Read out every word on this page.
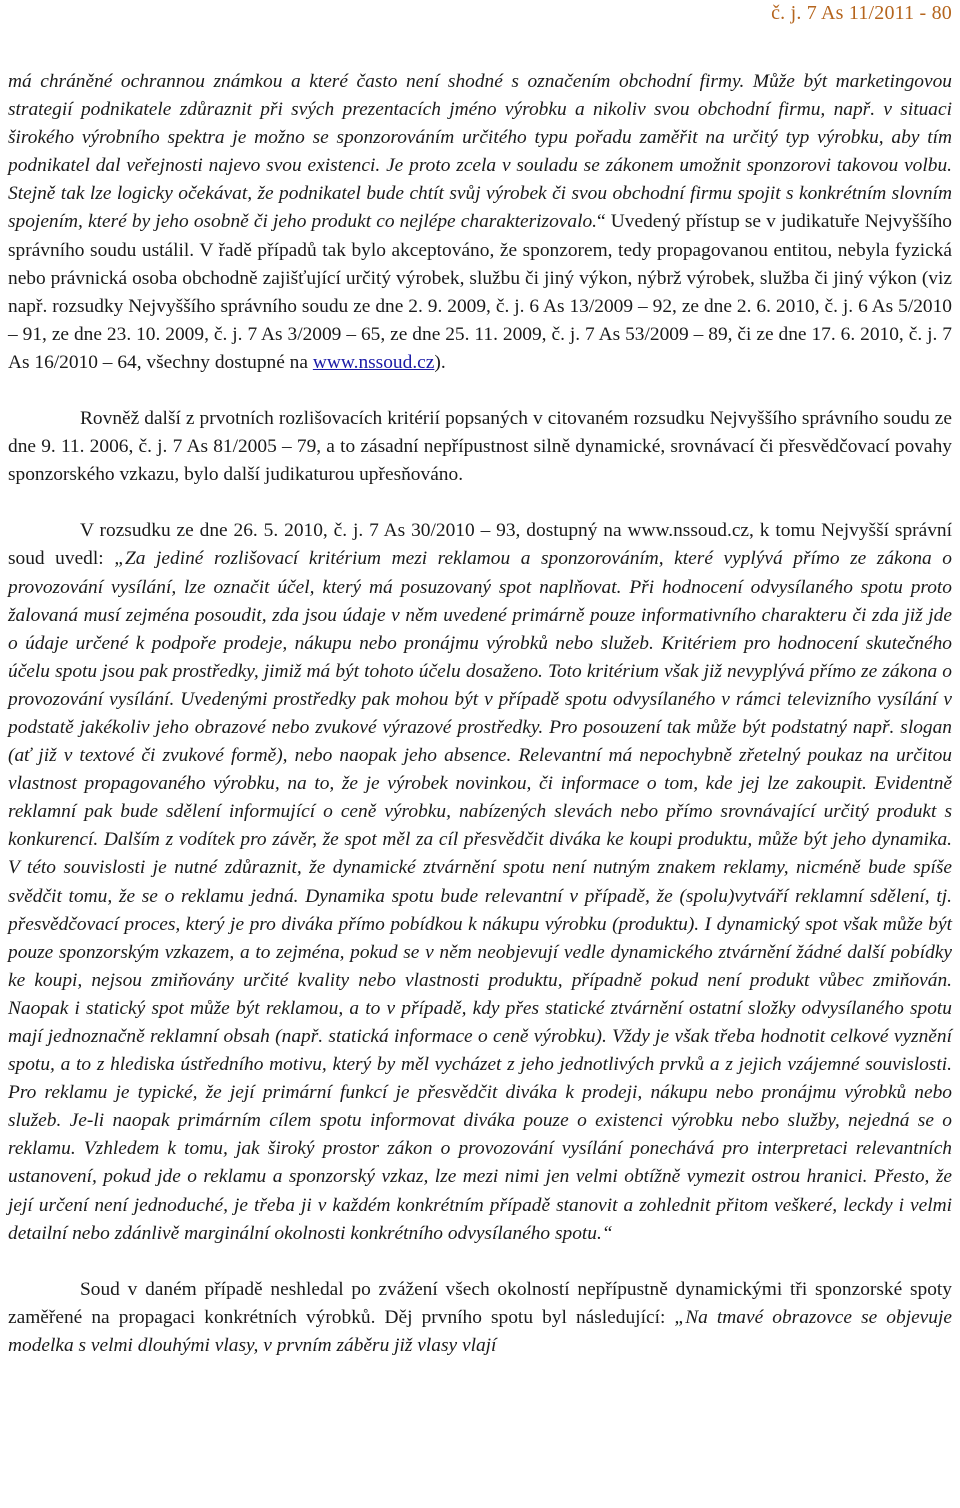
č. j. 7 As 11/2011 - 80

má chráněné ochrannou známkou a které často není shodné s označením obchodní firmy. Může být marketingovou strategií podnikatele zdůraznit při svých prezentacích jméno výrobku a nikoliv svou obchodní firmu, např. v situaci širokého výrobního spektra je možno se sponzorováním určitého typu pořadu zaměřit na určitý typ výrobku, aby tím podnikatel dal veřejnosti najevo svou existenci. Je proto zcela v souladu se zákonem umožnit sponzorovi takovou volbu. Stejně tak lze logicky očekávat, že podnikatel bude chtít svůj výrobek či svou obchodní firmu spojit s konkrétním slovním spojením, které by jeho osobně či jeho produkt co nejlépe charakterizovalo.“ Uvedený přístup se v judikatuře Nejvyššího správního soudu ustálil. V řadě případů tak bylo akceptováno, že sponzorem, tedy propagovanou entitou, nebyla fyzická nebo právnická osoba obchodně zajišťující určitý výrobek, službu či jiný výkon, nýbrž výrobek, služba či jiný výkon (viz např. rozsudky Nejvyššího správního soudu ze dne 2. 9. 2009, č. j. 6 As 13/2009 – 92, ze dne 2. 6. 2010, č. j. 6 As 5/2010 – 91, ze dne 23. 10. 2009, č. j. 7 As 3/2009 – 65, ze dne 25. 11. 2009, č. j. 7 As 53/2009 – 89, či ze dne 17. 6. 2010, č. j. 7 As 16/2010 – 64, všechny dostupné na www.nssoud.cz).

Rovněž další z prvotních rozlišovacích kritérií popsaných v citovaném rozsudku Nejvyššího správního soudu ze dne 9. 11. 2006, č. j. 7 As 81/2005 – 79, a to zásadní nepřípustnost silně dynamické, srovnávací či přesvědčovací povahy sponzorského vzkazu, bylo další judikaturou upřesňováno.

V rozsudku ze dne 26. 5. 2010, č. j. 7 As 30/2010 – 93, dostupný na www.nssoud.cz, k tomu Nejvyšší správní soud uvedl: „Za jediné rozlišovací kritérium mezi reklamou a sponzorováním, které vyplývá přímo ze zákona o provozování vysílání, lze označit účel, který má posuzovaný spot naplňovat. Při hodnocení odvysílaného spotu proto žalovaná musí zejména posoudit, zda jsou údaje v něm uvedené primárně pouze informativního charakteru či zda již jde o údaje určené k podpoře prodeje, nákupu nebo pronájmu výrobků nebo služeb. Kritériem pro hodnocení skutečného účelu spotu jsou pak prostředky, jimiž má být tohoto účelu dosaženo. Toto kritérium však již nevyplývá přímo ze zákona o provozování vysílání. Uvedenými prostředky pak mohou být v případě spotu odvysílaného v rámci televizního vysílání v podstatě jakékoliv jeho obrazové nebo zvukové výrazové prostředky. Pro posouzení tak může být podstatný např. slogan (ať již v textové či zvukové formě), nebo naopak jeho absence. Relevantní má nepochybně zřetelný poukaz na určitou vlastnost propagovaného výrobku, na to, že je výrobek novinkou, či informace o tom, kde jej lze zakoupit. Evidentně reklamní pak bude sdělení informující o ceně výrobku, nabízených slevách nebo přímo srovnávající určitý produkt s konkurencí. Dalším z vodítek pro závěr, že spot měl za cíl přesvědčit diváka ke koupi produktu, může být jeho dynamika. V této souvislosti je nutné zdůraznit, že dynamické ztvárnění spotu není nutným znakem reklamy, nicméně bude spíše svědčit tomu, že se o reklamu jedná. Dynamika spotu bude relevantní v případě, že (spolu)vytváří reklamní sdělení, tj. přesvědčovací proces, který je pro diváka přímo pobídkou k nákupu výrobku (produktu). I dynamický spot však může být pouze sponzorským vzkazem, a to zejména, pokud se v něm neobjevují vedle dynamického ztvárnění žádné další pobídky ke koupi, nejsou zmiňovány určité kvality nebo vlastnosti produktu, případně pokud není produkt vůbec zmiňován. Naopak i statický spot může být reklamou, a to v případě, kdy přes statické ztvárnění ostatní složky odvysílaného spotu mají jednoznačně reklamní obsah (např. statická informace o ceně výrobku). Vždy je však třeba hodnotit celkové vyznění spotu, a to z hlediska ústředního motivu, který by měl vycházet z jeho jednotlivých prvků a z jejich vzájemné souvislosti. Pro reklamu je typické, že její primární funkcí je přesvědčit diváka k prodeji, nákupu nebo pronájmu výrobků nebo služeb. Je-li naopak primárním cílem spotu informovat diváka pouze o existenci výrobku nebo služby, nejedná se o reklamu. Vzhledem k tomu, jak široký prostor zákon o provozování vysílání ponechává pro interpretaci relevantních ustanovení, pokud jde o reklamu a sponzorský vzkaz, lze mezi nimi jen velmi obtížně vymezit ostrou hranici. Přesto, že její určení není jednoduché, je třeba ji v každém konkrétním případě stanovit a zohlednit přitom veškeré, leckdy i velmi detailní nebo zdánlivě marginální okolnosti konkrétního odvysílaného spotu.“

Soud v daném případě neshledal po zvážení všech okolností nepřípustně dynamickými tři sponzorské spoty zaměřené na propagaci konkrétních výrobků. Děj prvního spotu byl následující: „Na tmavé obrazovce se objevuje modelka s velmi dlouhými vlasy, v prvním záběru již vlasy vlají
